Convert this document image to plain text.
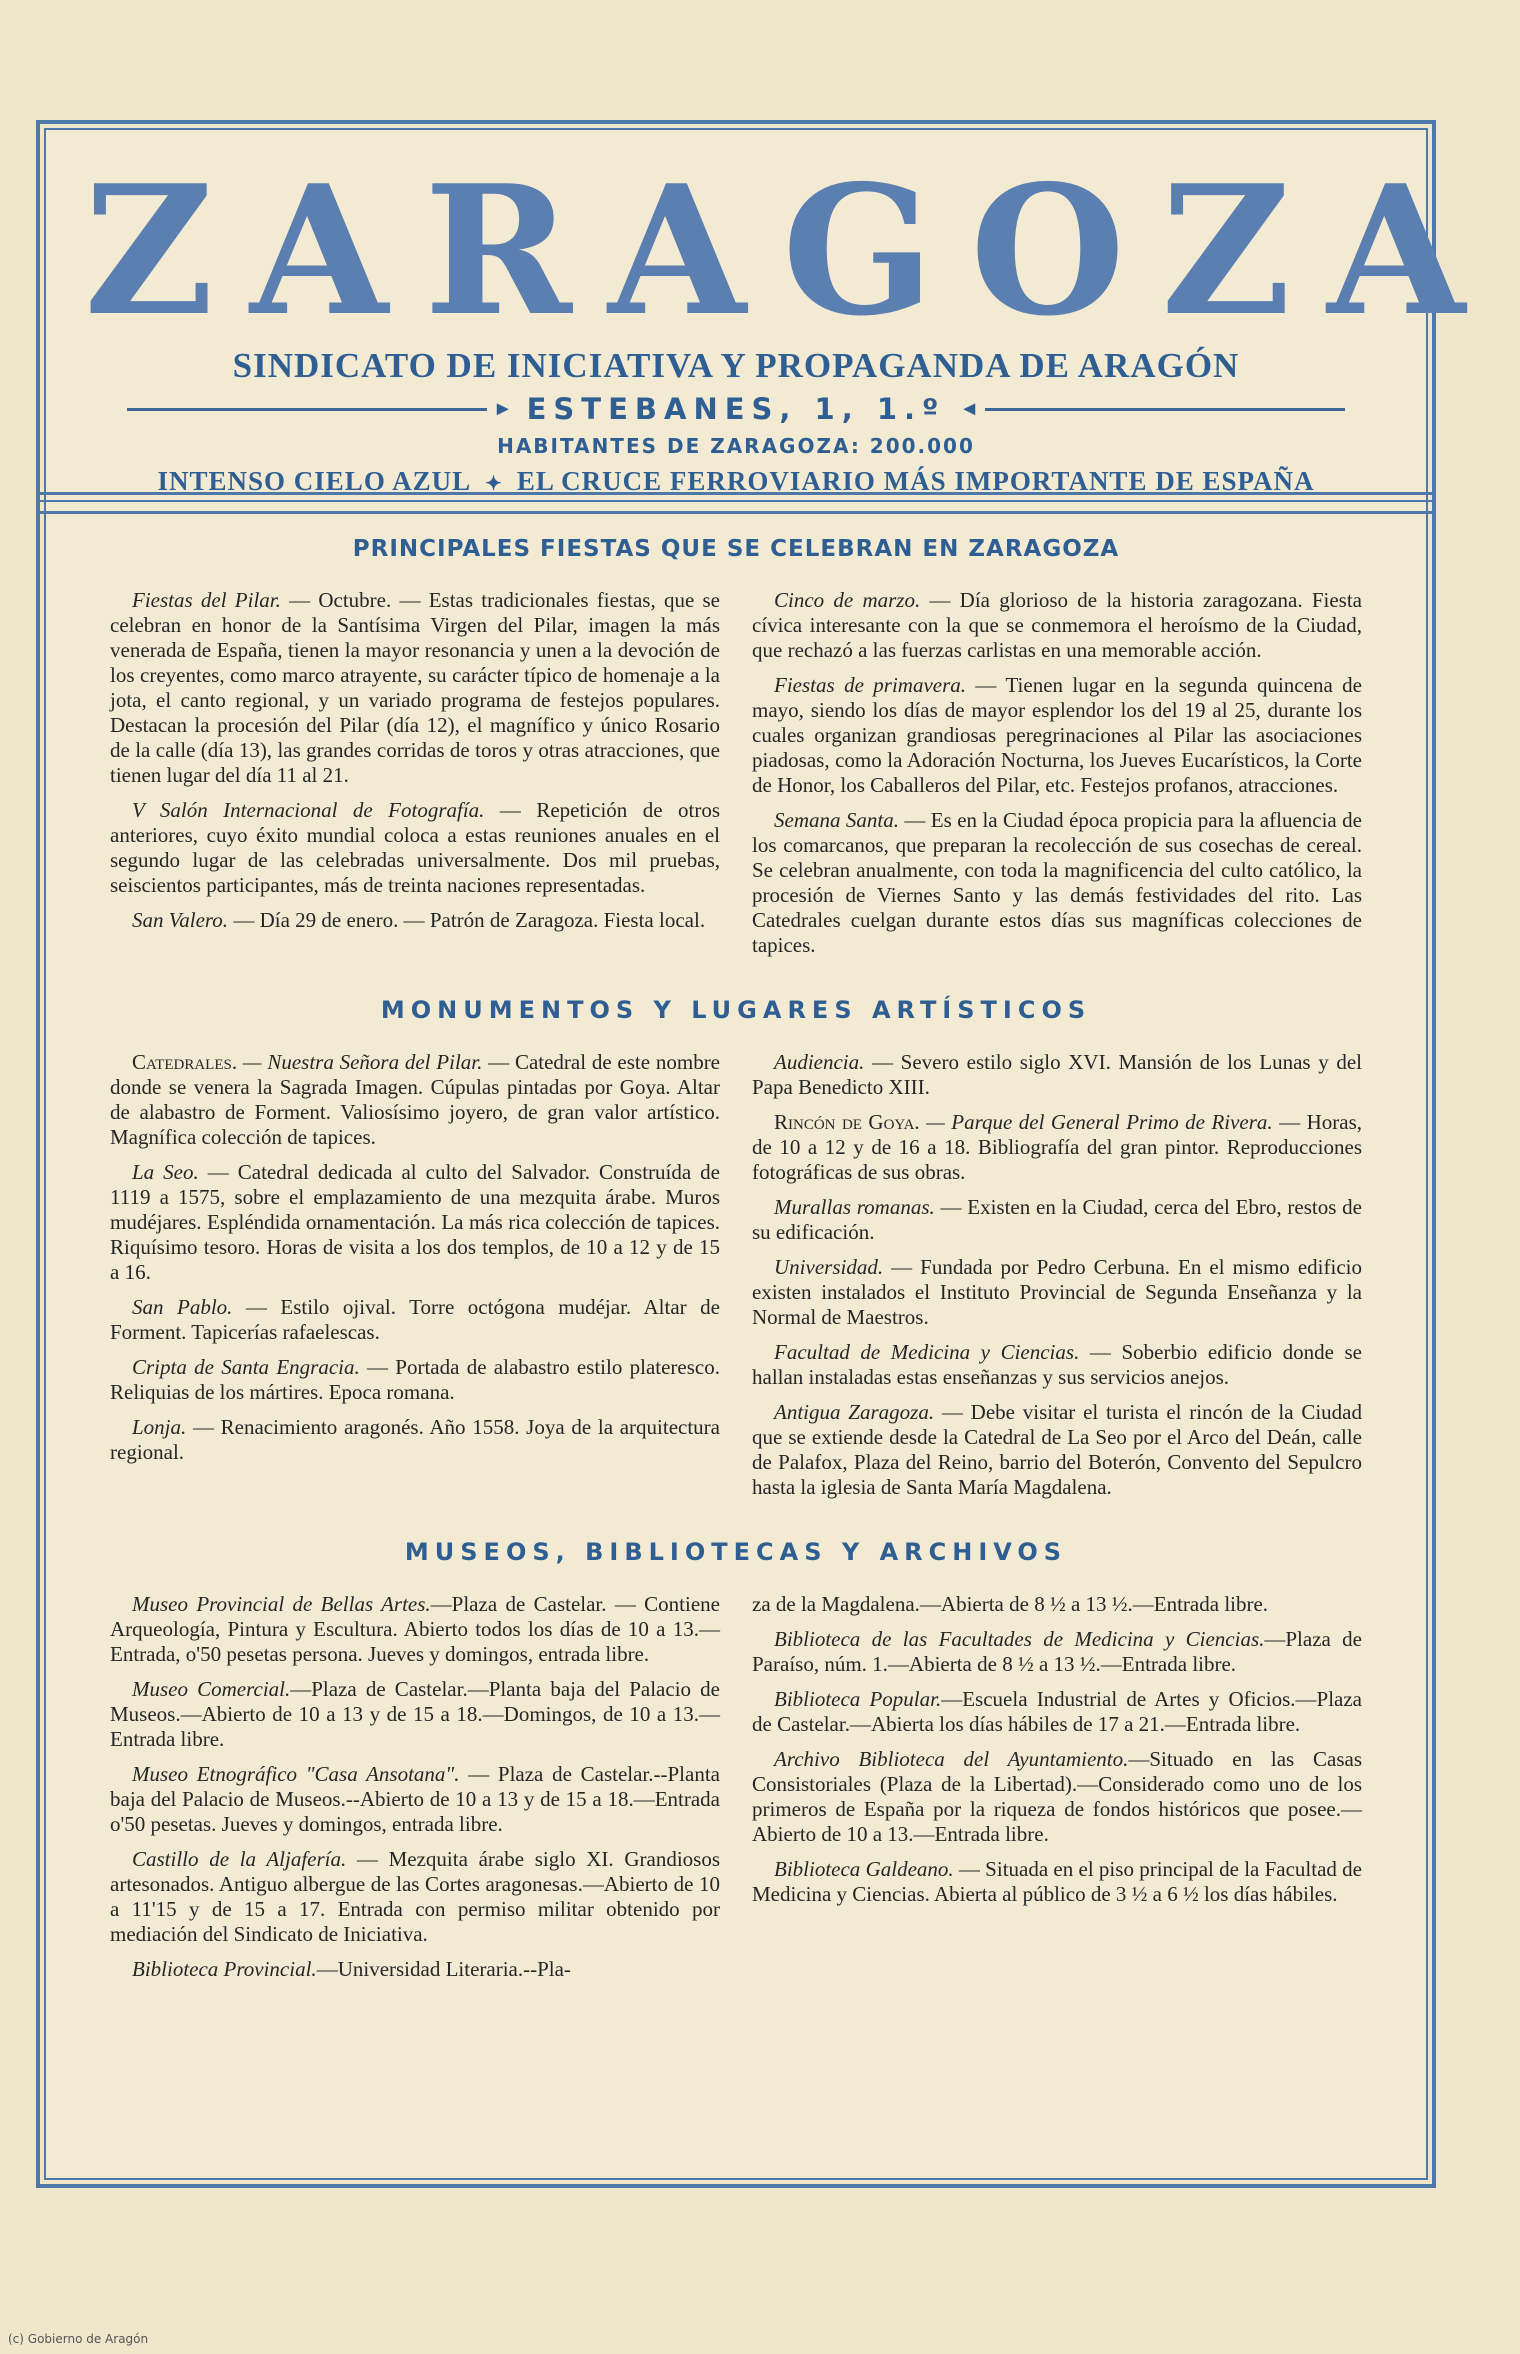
ZARAGOZA
SINDICATO DE INICIATIVA Y PROPAGANDA DE ARAGÓN
► ESTEBANES, 1, 1.º ◄
HABITANTES DE ZARAGOZA: 200.000
INTENSO CIELO AZUL ✦ EL CRUCE FERROVIARIO MÁS IMPORTANTE DE ESPAÑA
PRINCIPALES FIESTAS QUE SE CELEBRAN EN ZARAGOZA

Fiestas del Pilar. — Octubre. — Estas tradicionales fiestas, que se celebran en honor de la Santísima Virgen del Pilar, imagen la más venerada de España, tienen la mayor resonancia y unen a la devoción de los creyentes, como marco atrayente, su carácter típico de homenaje a la jota, el canto regional, y un variado programa de festejos populares. Destacan la procesión del Pilar (día 12), el magnífico y único Rosario de la calle (día 13), las grandes corridas de toros y otras atracciones, que tienen lugar del día 11 al 21.

V Salón Internacional de Fotografía. — Repetición de otros anteriores, cuyo éxito mundial coloca a estas reuniones anuales en el segundo lugar de las celebradas universalmente. Dos mil pruebas, seiscientos participantes, más de treinta naciones representadas.

San Valero. — Día 29 de enero. — Patrón de Zaragoza. Fiesta local.

Cinco de marzo. — Día glorioso de la historia zaragozana. Fiesta cívica interesante con la que se conmemora el heroísmo de la Ciudad, que rechazó a las fuerzas carlistas en una memorable acción.

Fiestas de primavera. — Tienen lugar en la segunda quincena de mayo, siendo los días de mayor esplendor los del 19 al 25, durante los cuales organizan grandiosas peregrinaciones al Pilar las asociaciones piadosas, como la Adoración Nocturna, los Jueves Eucarísticos, la Corte de Honor, los Caballeros del Pilar, etc. Festejos profanos, atracciones.

Semana Santa. — Es en la Ciudad época propicia para la afluencia de los comarcanos, que preparan la recolección de sus cosechas de cereal. Se celebran anualmente, con toda la magnificencia del culto católico, la procesión de Viernes Santo y las demás festividades del rito. Las Catedrales cuelgan durante estos días sus magníficas colecciones de tapices.

MONUMENTOS Y LUGARES ARTÍSTICOS

Catedrales. — Nuestra Señora del Pilar. — Catedral de este nombre donde se venera la Sagrada Imagen. Cúpulas pintadas por Goya. Altar de alabastro de Forment. Valiosísimo joyero, de gran valor artístico. Magnífica colección de tapices.

La Seo. — Catedral dedicada al culto del Salvador. Construída de 1119 a 1575, sobre el emplazamiento de una mezquita árabe. Muros mudéjares. Espléndida ornamentación. La más rica colección de tapices. Riquísimo tesoro. Horas de visita a los dos templos, de 10 a 12 y de 15 a 16.

San Pablo. — Estilo ojival. Torre octógona mudéjar. Altar de Forment. Tapicerías rafaelescas.

Cripta de Santa Engracia. — Portada de alabastro estilo plateresco. Reliquias de los mártires. Epoca romana.

Lonja. — Renacimiento aragonés. Año 1558. Joya de la arquitectura regional.

Audiencia. — Severo estilo siglo XVI. Mansión de los Lunas y del Papa Benedicto XIII.

Rincón de Goya. — Parque del General Primo de Rivera. — Horas, de 10 a 12 y de 16 a 18. Bibliografía del gran pintor. Reproducciones fotográficas de sus obras.

Murallas romanas. — Existen en la Ciudad, cerca del Ebro, restos de su edificación.

Universidad. — Fundada por Pedro Cerbuna. En el mismo edificio existen instalados el Instituto Provincial de Segunda Enseñanza y la Normal de Maestros.

Facultad de Medicina y Ciencias. — Soberbio edificio donde se hallan instaladas estas enseñanzas y sus servicios anejos.

Antigua Zaragoza. — Debe visitar el turista el rincón de la Ciudad que se extiende desde la Catedral de La Seo por el Arco del Deán, calle de Palafox, Plaza del Reino, barrio del Boterón, Convento del Sepulcro hasta la iglesia de Santa María Magdalena.

MUSEOS, BIBLIOTECAS Y ARCHIVOS

Museo Provincial de Bellas Artes.—Plaza de Castelar. — Contiene Arqueología, Pintura y Escultura. Abierto todos los días de 10 a 13.—Entrada, o'50 pesetas persona. Jueves y domingos, entrada libre.

Museo Comercial.—Plaza de Castelar.—Planta baja del Palacio de Museos.—Abierto de 10 a 13 y de 15 a 18.—Domingos, de 10 a 13.—Entrada libre.

Museo Etnográfico "Casa Ansotana". — Plaza de Castelar.--Planta baja del Palacio de Museos.--Abierto de 10 a 13 y de 15 a 18.—Entrada o'50 pesetas. Jueves y domingos, entrada libre.

Castillo de la Aljafería. — Mezquita árabe siglo XI. Grandiosos artesonados. Antiguo albergue de las Cortes aragonesas.—Abierto de 10 a 11'15 y de 15 a 17. Entrada con permiso militar obtenido por mediación del Sindicato de Iniciativa.

Biblioteca Provincial.—Universidad Literaria.--Pla-

za de la Magdalena.—Abierta de 8 ½ a 13 ½.—Entrada libre.

Biblioteca de las Facultades de Medicina y Ciencias.—Plaza de Paraíso, núm. 1.—Abierta de 8 ½ a 13 ½.—Entrada libre.

Biblioteca Popular.—Escuela Industrial de Artes y Oficios.—Plaza de Castelar.—Abierta los días hábiles de 17 a 21.—Entrada libre.

Archivo Biblioteca del Ayuntamiento.—Situado en las Casas Consistoriales (Plaza de la Libertad).—Considerado como uno de los primeros de España por la riqueza de fondos históricos que posee.—Abierto de 10 a 13.—Entrada libre.

Biblioteca Galdeano. — Situada en el piso principal de la Facultad de Medicina y Ciencias. Abierta al público de 3 ½ a 6 ½ los días hábiles.

(c) Gobierno de Aragón
